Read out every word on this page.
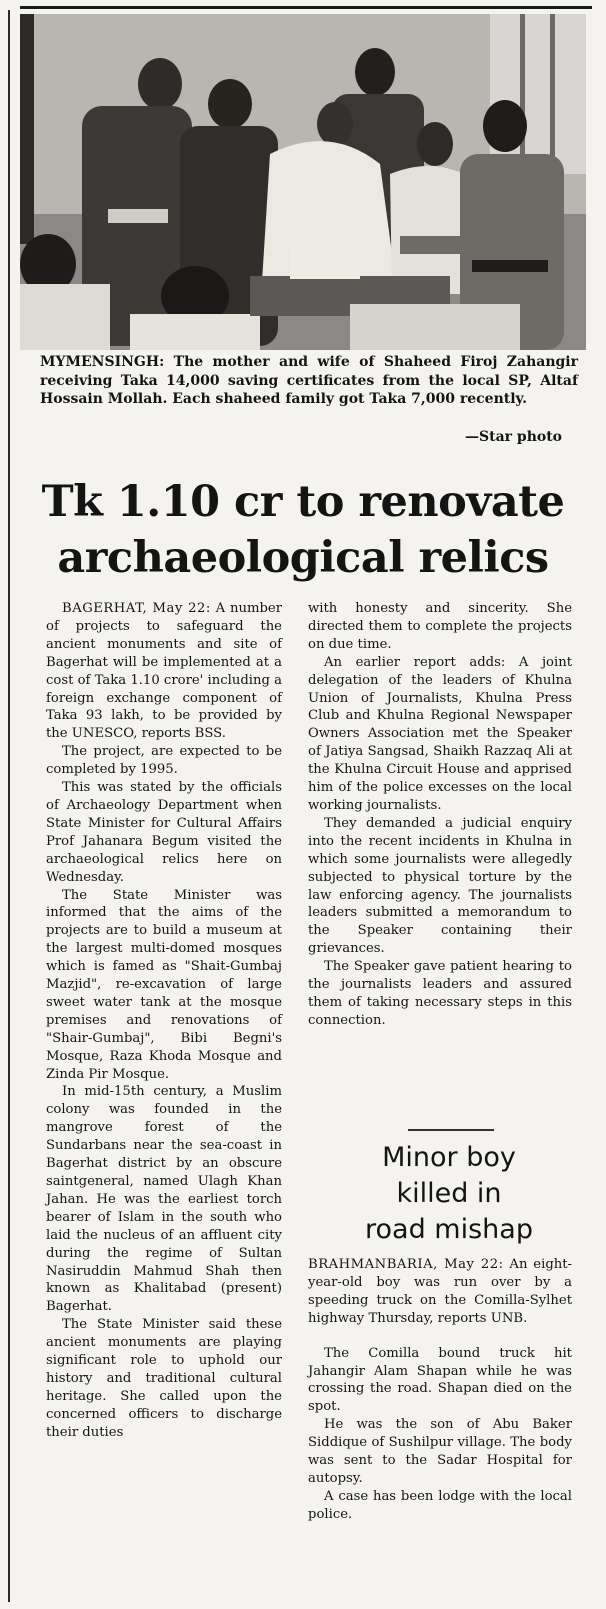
MYMENSINGH: The mother and wife of Shaheed Firoj Zahangir receiving Taka 14,000 saving certificates from the local SP, Altaf Hossain Mollah. Each shaheed family got Taka 7,000 recently.
—Star photo
Tk 1.10 cr to renovate
archaeological relics

BAGERHAT, May 22: A number of projects to safeguard the ancient monuments and site of Bagerhat will be implemented at a cost of Taka 1.10 crore' including a foreign exchange component of Taka 93 lakh, to be provided by the UNESCO, reports BSS.

The project, are expected to be completed by 1995.

This was stated by the officials of Archaeology Department when State Minister for Cultural Affairs Prof Jahanara Begum visited the archaeological relics here on Wednesday.

The State Minister was informed that the aims of the projects are to build a museum at the largest multi-domed mosques which is famed as "Shait-Gumbaj Mazjid", re-excavation of large sweet water tank at the mosque premises and renovations of "Shair-Gumbaj", Bibi Begni's Mosque, Raza Khoda Mosque and Zinda Pir Mosque.

In mid-15th century, a Muslim colony was founded in the mangrove forest of the Sundarbans near the sea-coast in Bagerhat district by an obscure saintgeneral, named Ulagh Khan Jahan. He was the earliest torch bearer of Islam in the south who laid the nucleus of an affluent city during the regime of Sultan Nasiruddin Mahmud Shah then known as Khalitabad (present) Bagerhat.

The State Minister said these ancient monuments are playing significant role to uphold our history and traditional cultural heritage. She called upon the concerned officers to discharge their duties

with honesty and sincerity. She directed them to complete the projects on due time.

An earlier report adds: A joint delegation of the leaders of Khulna Union of Journalists, Khulna Press Club and Khulna Regional Newspaper Owners Association met the Speaker of Jatiya Sangsad, Shaikh Razzaq Ali at the Khulna Circuit House and apprised him of the police excesses on the local working journalists.

They demanded a judicial enquiry into the recent incidents in Khulna in which some journalists were allegedly subjected to physical torture by the law enforcing agency. The journalists leaders submitted a memorandum to the Speaker containing their grievances.

The Speaker gave patient hearing to the journalists leaders and assured them of taking necessary steps in this connection.

Minor boy
killed in
road mishap

BRAHMANBARIA, May 22: An eight-year-old boy was run over by a speeding truck on the Comilla-Sylhet highway Thursday, reports UNB.

The Comilla bound truck hit Jahangir Alam Shapan while he was crossing the road. Shapan died on the spot.

He was the son of Abu Baker Siddique of Sushilpur village. The body was sent to the Sadar Hospital for autopsy.

A case has been lodge with the local police.
